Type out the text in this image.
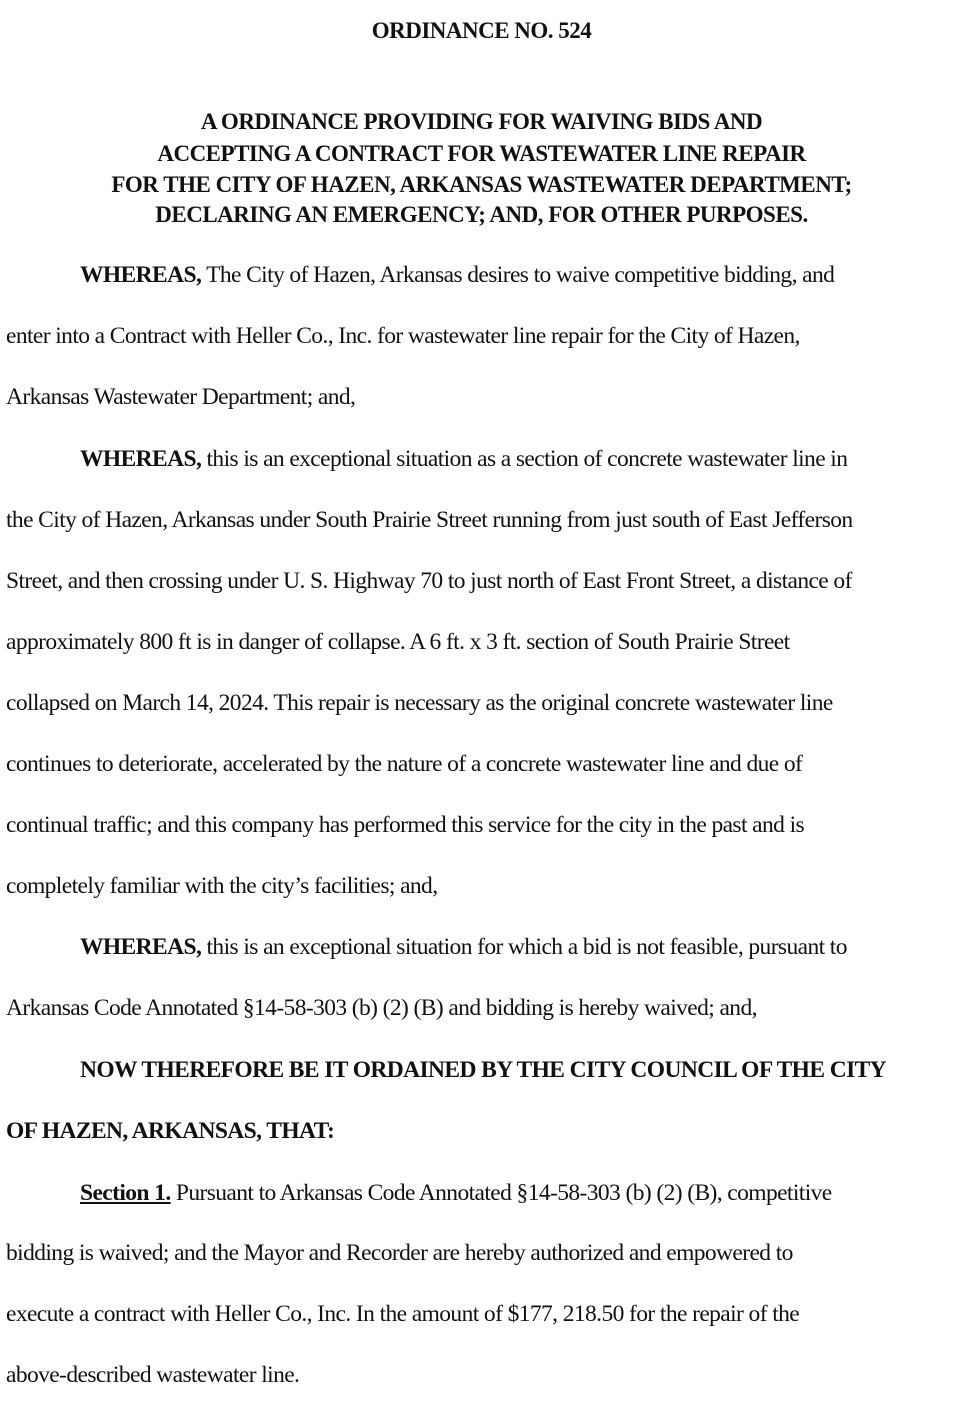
ORDINANCE NO. 524
A ORDINANCE PROVIDING FOR WAIVING BIDS AND
ACCEPTING A CONTRACT FOR WASTEWATER LINE REPAIR
FOR THE CITY OF HAZEN, ARKANSAS WASTEWATER DEPARTMENT;
DECLARING AN EMERGENCY; AND, FOR OTHER PURPOSES.
WHEREAS, The City of Hazen, Arkansas desires to waive competitive bidding, and
enter into a Contract with Heller Co., Inc. for wastewater line repair for the City of Hazen,
Arkansas Wastewater Department; and,
WHEREAS, this is an exceptional situation as a section of concrete wastewater line in
the City of Hazen, Arkansas under South Prairie Street running from just south of East Jefferson
Street, and then crossing under U. S. Highway 70 to just north of East Front Street, a distance of
approximately 800 ft is in danger of collapse. A 6 ft. x 3 ft. section of South Prairie Street
collapsed on March 14, 2024. This repair is necessary as the original concrete wastewater line
continues to deteriorate, accelerated by the nature of a concrete wastewater line and due of
continual traffic; and this company has performed this service for the city in the past and is
completely familiar with the city’s facilities; and,
WHEREAS, this is an exceptional situation for which a bid is not feasible, pursuant to
Arkansas Code Annotated §14-58-303 (b) (2) (B) and bidding is hereby waived; and,
NOW THEREFORE BE IT ORDAINED BY THE CITY COUNCIL OF THE CITY
OF HAZEN, ARKANSAS, THAT:
Section 1. Pursuant to Arkansas Code Annotated §14-58-303 (b) (2) (B), competitive
bidding is waived; and the Mayor and Recorder are hereby authorized and empowered to
execute a contract with Heller Co., Inc. In the amount of $177, 218.50 for the repair of the
above-described wastewater line.
